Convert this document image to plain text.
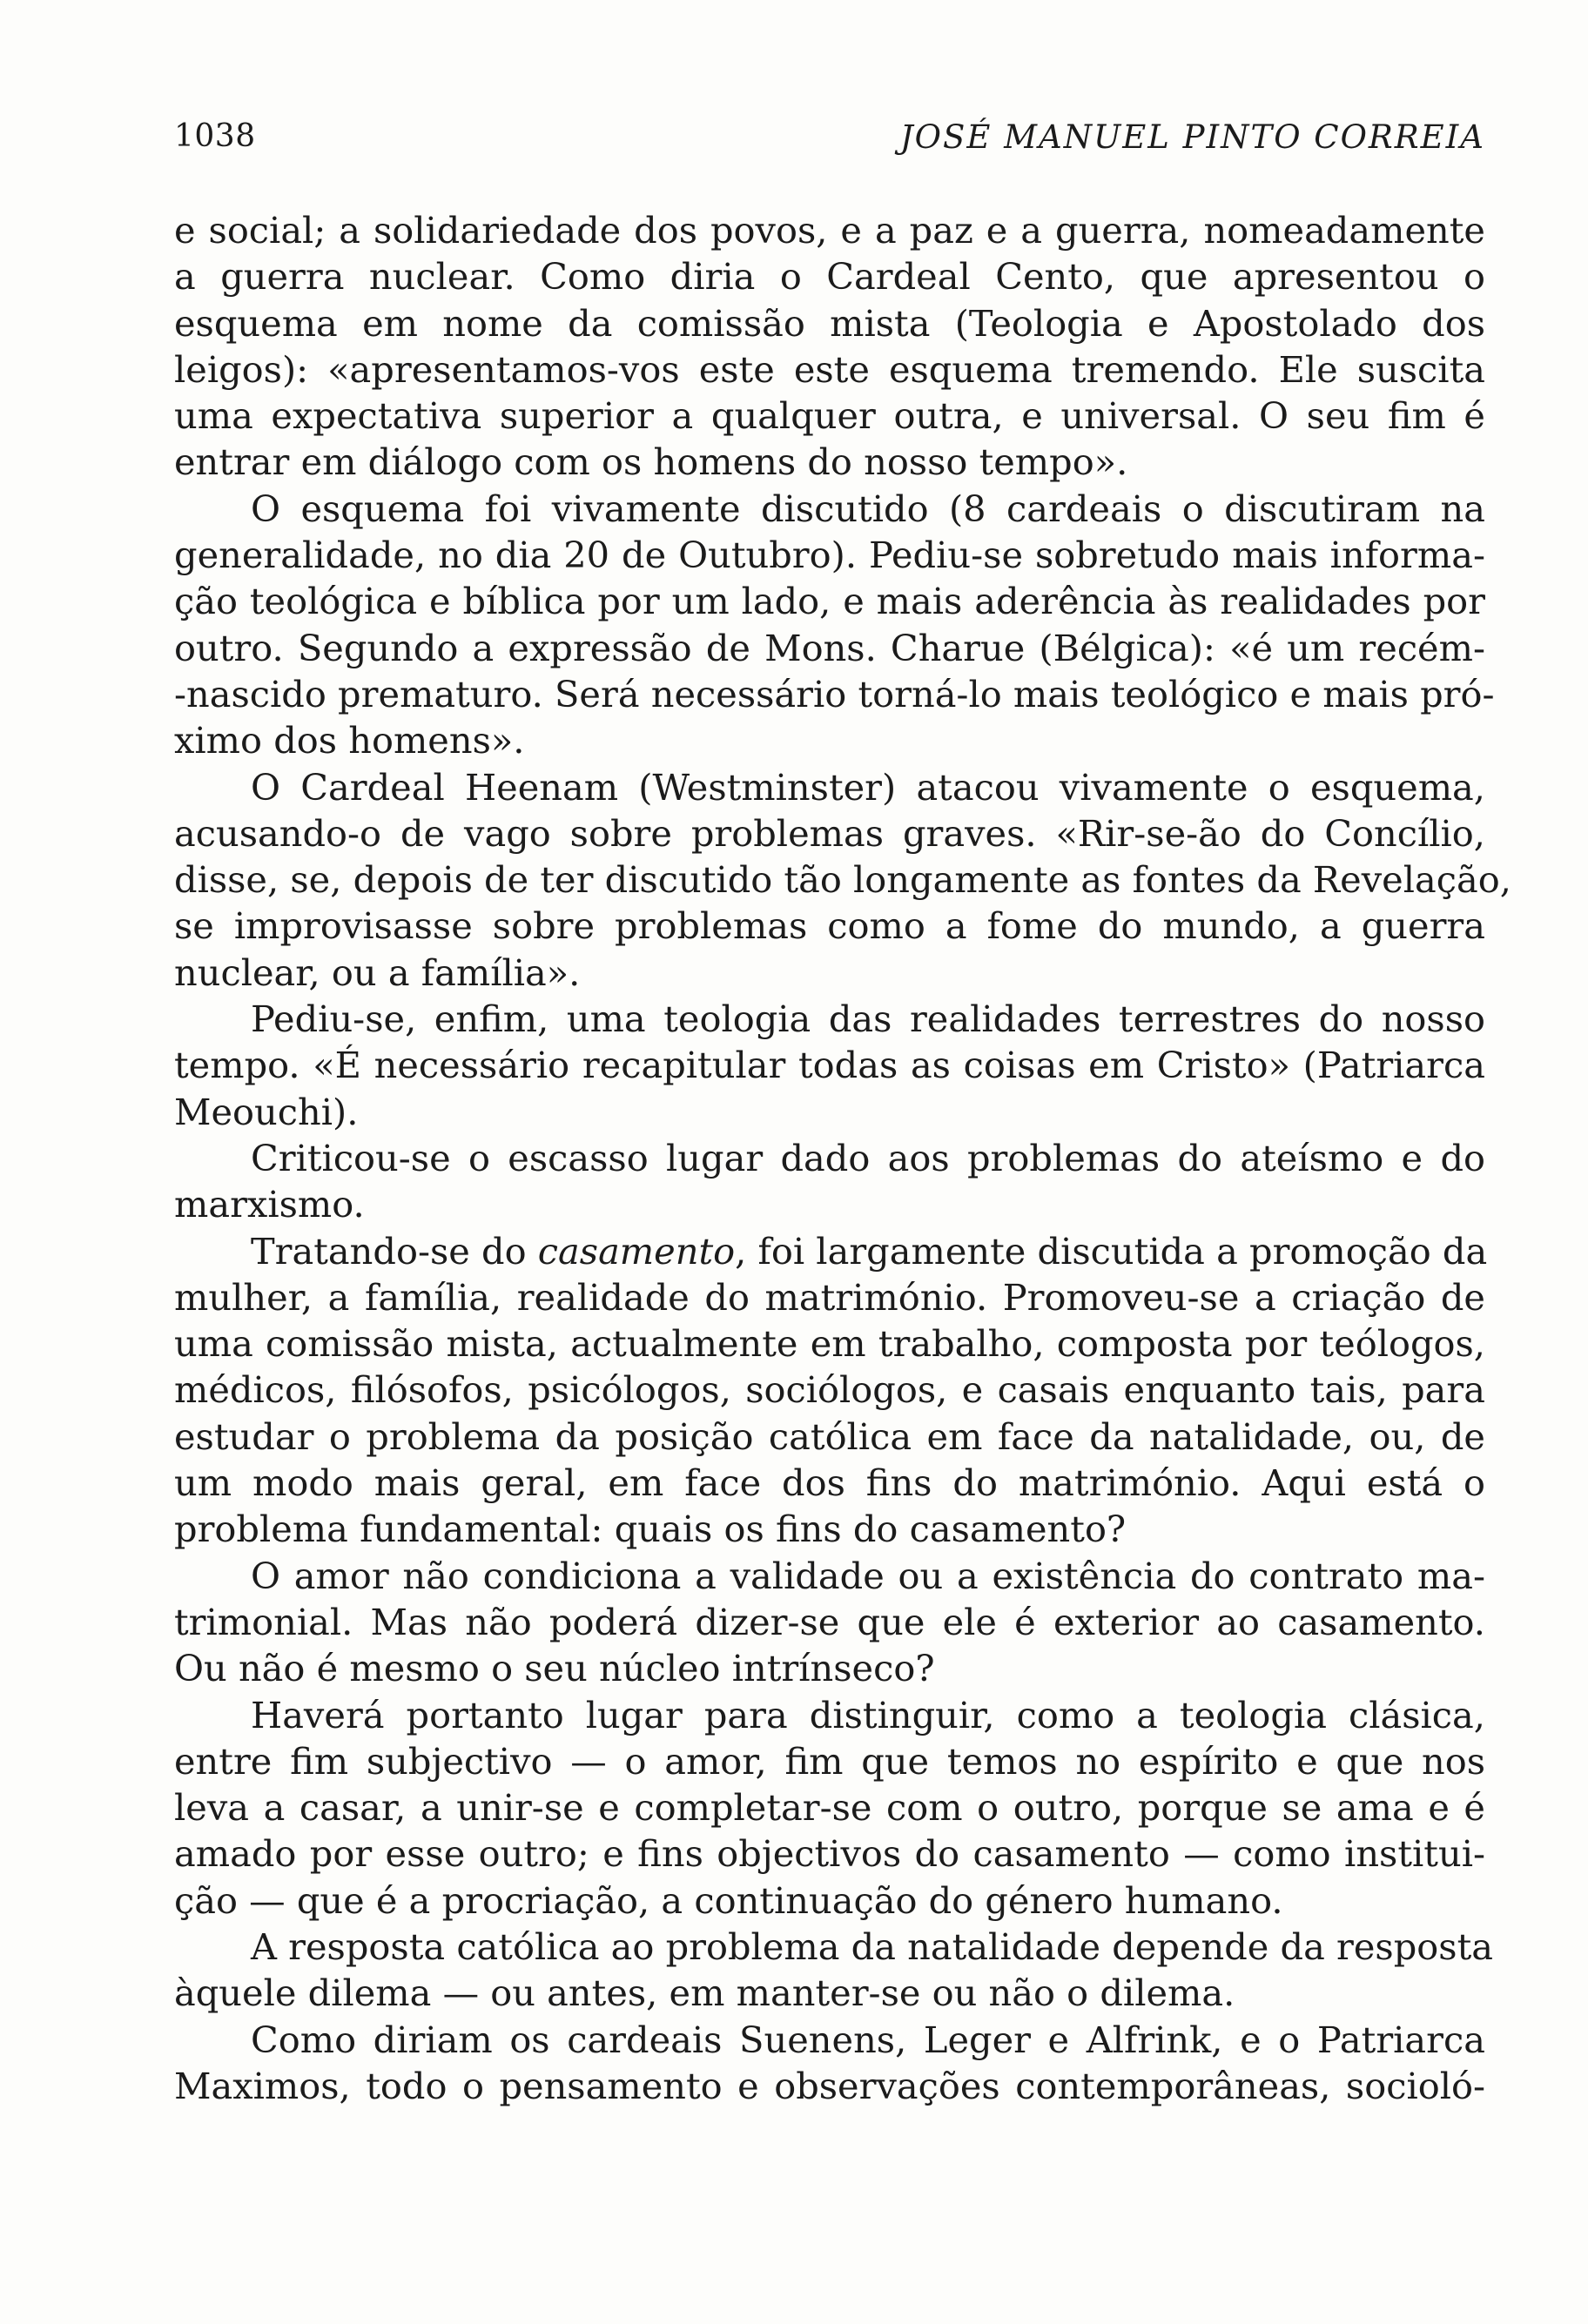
1038	JOSÉ MANUEL PINTO CORREIA

e social; a solidariedade dos povos, e a paz e a guerra, nomeadamente
a guerra nuclear. Como diria o Cardeal Cento, que apresentou o
esquema em nome da comissão mista (Teologia e Apostolado dos
leigos): «apresentamos-vos este este esquema tremendo. Ele suscita
uma expectativa superior a qualquer outra, e universal. O seu fim é
entrar em diálogo com os homens do nosso tempo».

O esquema foi vivamente discutido (8 cardeais o discutiram na
generalidade, no dia 20 de Outubro). Pediu-se sobretudo mais informa-
ção teológica e bíblica por um lado, e mais aderência às realidades por
outro. Segundo a expressão de Mons. Charue (Bélgica): «é um recém-
-nascido prematuro. Será necessário torná-lo mais teológico e mais pró-
ximo dos homens».

O Cardeal Heenam (Westminster) atacou vivamente o esquema,
acusando-o de vago sobre problemas graves. «Rir-se-ão do Concílio,
disse, se, depois de ter discutido tão longamente as fontes da Revelação,
se improvisasse sobre problemas como a fome do mundo, a guerra
nuclear, ou a família».

Pediu-se, enfim, uma teologia das realidades terrestres do nosso
tempo. «É necessário recapitular todas as coisas em Cristo» (Patriarca
Meouchi).

Criticou-se o escasso lugar dado aos problemas do ateísmo e do
marxismo.

Tratando-se do casamento, foi largamente discutida a promoção da
mulher, a família, realidade do matrimónio. Promoveu-se a criação de
uma comissão mista, actualmente em trabalho, composta por teólogos,
médicos, filósofos, psicólogos, sociólogos, e casais enquanto tais, para
estudar o problema da posição católica em face da natalidade, ou, de
um modo mais geral, em face dos fins do matrimónio. Aqui está o
problema fundamental: quais os fins do casamento?

O amor não condiciona a validade ou a existência do contrato ma-
trimonial. Mas não poderá dizer-se que ele é exterior ao casamento.
Ou não é mesmo o seu núcleo intrínseco?

Haverá portanto lugar para distinguir, como a teologia clásica,
entre fim subjectivo — o amor, fim que temos no espírito e que nos
leva a casar, a unir-se e completar-se com o outro, porque se ama e é
amado por esse outro; e fins objectivos do casamento — como institui-
ção — que é a procriação, a continuação do género humano.

A resposta católica ao problema da natalidade depende da resposta
àquele dilema — ou antes, em manter-se ou não o dilema.

Como diriam os cardeais Suenens, Leger e Alfrink, e o Patriarca
Maximos, todo o pensamento e observações contemporâneas, socioló-
